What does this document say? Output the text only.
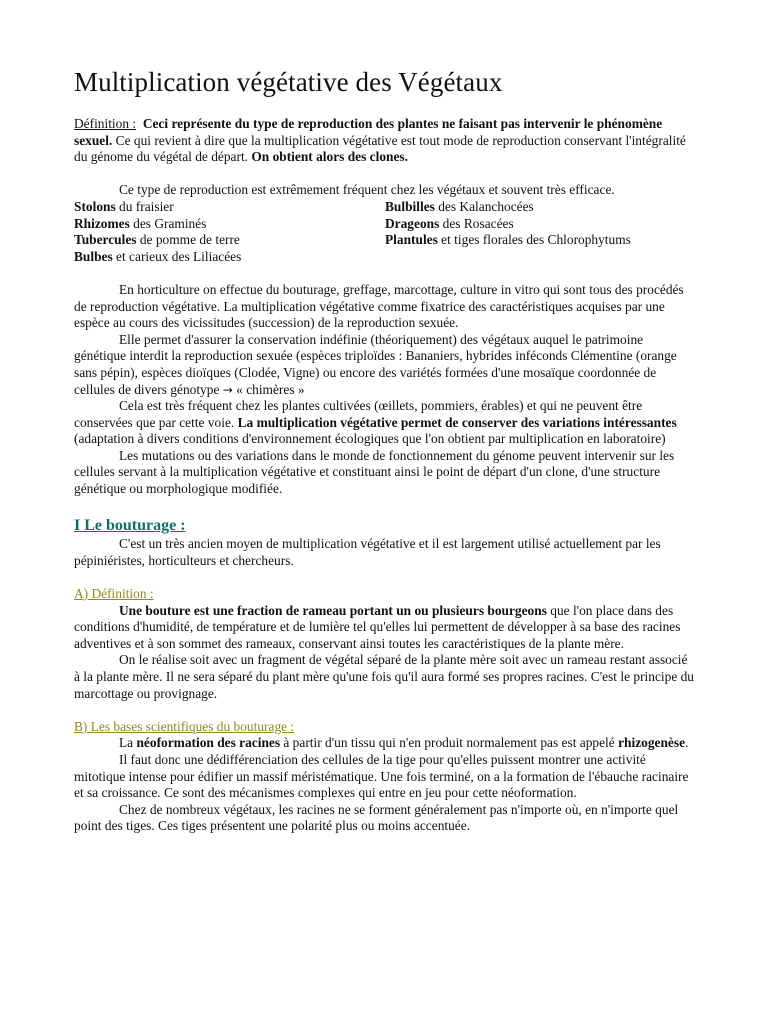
Multiplication végétative des Végétaux

Définition : Ceci représente du type de reproduction des plantes ne faisant pas intervenir le phénomène sexuel. Ce qui revient à dire que la multiplication végétative est tout mode de reproduction conservant l'intégralité du génome du végétal de départ. On obtient alors des clones.

Ce type de reproduction est extrêmement fréquent chez les végétaux et souvent très efficace.

Stolons du fraisier	Bulbilles des Kalanchocées
Rhizomes des Graminés	Drageons des Rosacées
Tubercules de pomme de terre	Plantules et tiges florales des Chlorophytums
Bulbes et carieux des Liliacées	

En horticulture on effectue du bouturage, greffage, marcottage, culture in vitro qui sont tous des procédés de reproduction végétative. La multiplication végétative comme fixatrice des caractéristiques acquises par une espèce au cours des vicissitudes (succession) de la reproduction sexuée.

Elle permet d'assurer la conservation indéfinie (théoriquement) des végétaux auquel le patrimoine génétique interdit la reproduction sexuée (espèces triploïdes : Bananiers, hybrides inféconds Clémentine (orange sans pépin), espèces dioïques (Clodée, Vigne) ou encore des variétés formées d'une mosaïque coordonnée de cellules de divers génotype → « chimères »

Cela est très fréquent chez les plantes cultivées (œillets, pommiers, érables) et qui ne peuvent être conservées que par cette voie. La multiplication végétative permet de conserver des variations intéressantes (adaptation à divers conditions d'environnement écologiques que l'on obtient par multiplication en laboratoire)

Les mutations ou des variations dans le monde de fonctionnement du génome peuvent intervenir sur les cellules servant à la multiplication végétative et constituant ainsi le point de départ d'un clone, d'une structure génétique ou morphologique modifiée.

I Le bouturage :

C'est un très ancien moyen de multiplication végétative et il est largement utilisé actuellement par les pépiniéristes, horticulteurs et chercheurs.

A) Définition :

Une bouture est une fraction de rameau portant un ou plusieurs bourgeons que l'on place dans des conditions d'humidité, de température et de lumière tel qu'elles lui permettent de développer à sa base des racines adventives et à son sommet des rameaux, conservant ainsi toutes les caractéristiques de la plante mère.

On le réalise soit avec un fragment de végétal séparé de la plante mère soit avec un rameau restant associé à la plante mère. Il ne sera séparé du plant mère qu'une fois qu'il aura formé ses propres racines. C'est le principe du marcottage ou provignage.

B) Les bases scientifiques du bouturage :

La néoformation des racines à partir d'un tissu qui n'en produit normalement pas est appelé rhizogenèse.

Il faut donc une dédifférenciation des cellules de la tige pour qu'elles puissent montrer une activité mitotique intense pour édifier un massif méristématique. Une fois terminé, on a la formation de l'ébauche racinaire et sa croissance. Ce sont des mécanismes complexes qui entre en jeu pour cette néoformation.

Chez de nombreux végétaux, les racines ne se forment généralement pas n'importe où, en n'importe quel point des tiges. Ces tiges présentent une polarité plus ou moins accentuée.
